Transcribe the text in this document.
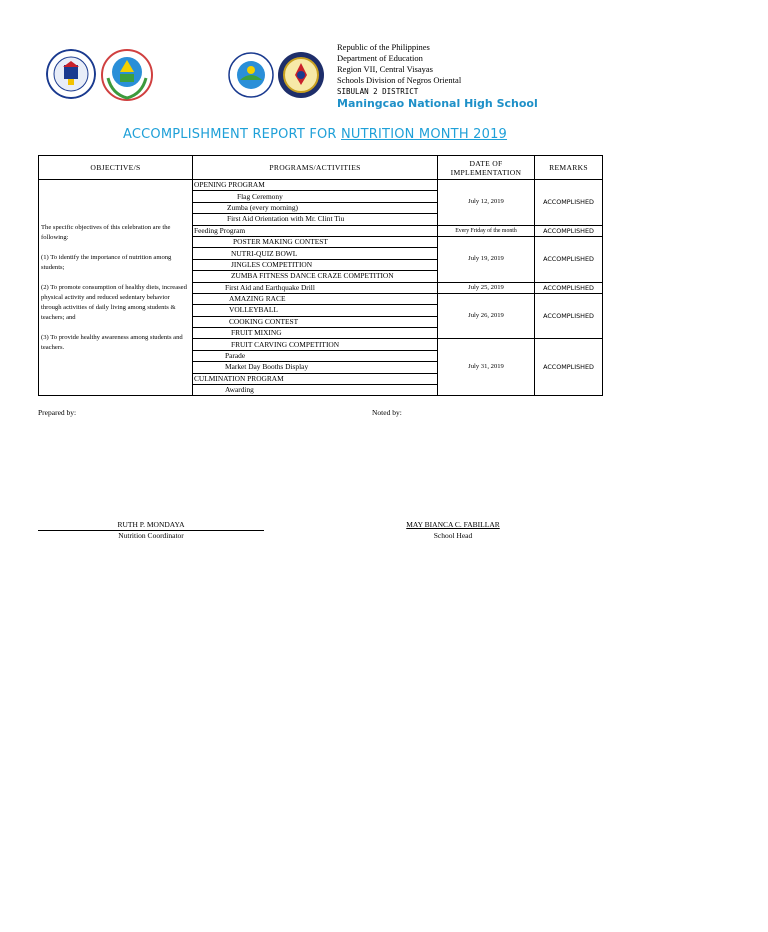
Republic of the Philippines
Department of Education
Region VII, Central Visayas
Schools Division of Negros Oriental
SIBULAN 2 DISTRICT
Maningcao National High School
ACCOMPLISHMENT REPORT FOR NUTRITION MONTH 2019
OBJECTIVE/S	PROGRAMS/ACTIVITIES	DATE OF
IMPLEMENTATION	REMARKS

The specific objectives of this celebration are the following:

(1) To identify the importance of nutrition among students;

(2) To promote consumption of healthy diets, increased physical activity and reduced sedentary behavior through activities of daily living among students & teachers; and

(3) To provide healthy awareness among students and teachers.	OPENING PROGRAM	July 12, 2019	ACCOMPLISHED
	Flag Ceremony		
	Zumba (every morning)		
	First Aid Orientation with Mr. Clint Tiu		
	Feeding Program	Every Friday of the month	ACCOMPLISHED
	POSTER MAKING CONTEST	July 19, 2019	ACCOMPLISHED
	NUTRI-QUIZ BOWL		
	JINGLES COMPETITION		
	ZUMBA FITNESS DANCE CRAZE COMPETITION		
	First Aid and Earthquake Drill	July 25, 2019	ACCOMPLISHED
	AMAZING RACE	July 26, 2019	ACCOMPLISHED
	VOLLEYBALL		
	COOKING CONTEST		
	FRUIT MIXING		
	FRUIT CARVING COMPETITION	July 31, 2019	ACCOMPLISHED
	Parade		
	Market Day Booths Display		
	CULMINATION PROGRAM		
	Awarding		
Prepared by:	Noted by:
RUTH P. MONDAYA
Nutrition Coordinator
MAY BIANCA C. FABILLAR
School Head
